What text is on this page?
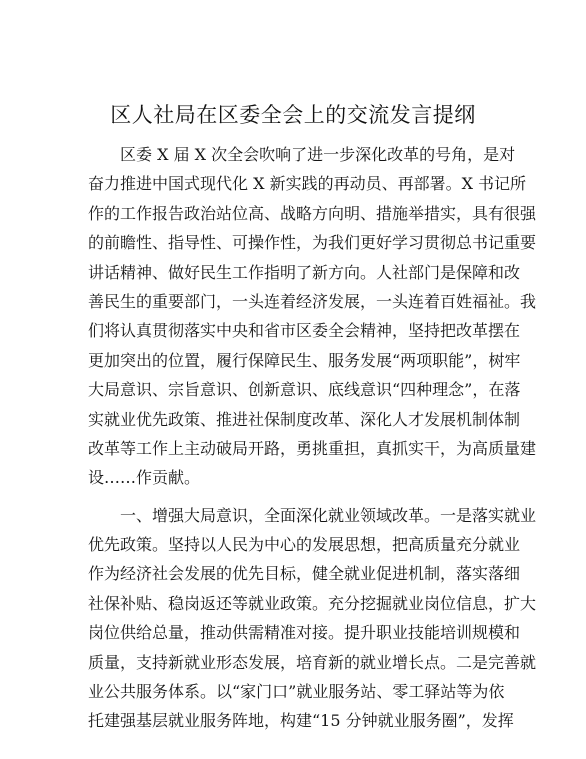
区人社局在区委全会上的交流发言提纲

区委 X 届 X 次全会吹响了进一步深化改革的号角，是对
奋力推进中国式现代化 X 新实践的再动员、再部署。X 书记所
作的工作报告政治站位高、战略方向明、措施举措实，具有很强
的前瞻性、指导性、可操作性，为我们更好学习贯彻总书记重要
讲话精神、做好民生工作指明了新方向。人社部门是保障和改
善民生的重要部门，一头连着经济发展，一头连着百姓福祉。我
们将认真贯彻落实中央和省市区委全会精神，坚持把改革摆在
更加突出的位置，履行保障民生、服务发展“两项职能”，树牢
大局意识、宗旨意识、创新意识、底线意识“四种理念”，在落
实就业优先政策、推进社保制度改革、深化人才发展机制体制
改革等工作上主动破局开路，勇挑重担，真抓实干，为高质量建
设……作贡献。

一、增强大局意识，全面深化就业领域改革。一是落实就业
优先政策。坚持以人民为中心的发展思想，把高质量充分就业
作为经济社会发展的优先目标，健全就业促进机制，落实落细
社保补贴、稳岗返还等就业政策。充分挖掘就业岗位信息，扩大
岗位供给总量，推动供需精准对接。提升职业技能培训规模和
质量，支持新就业形态发展，培育新的就业增长点。二是完善就
业公共服务体系。以“家门口”就业服务站、零工驿站等为依
托建强基层就业服务阵地，构建“15 分钟就业服务圈”，发挥
